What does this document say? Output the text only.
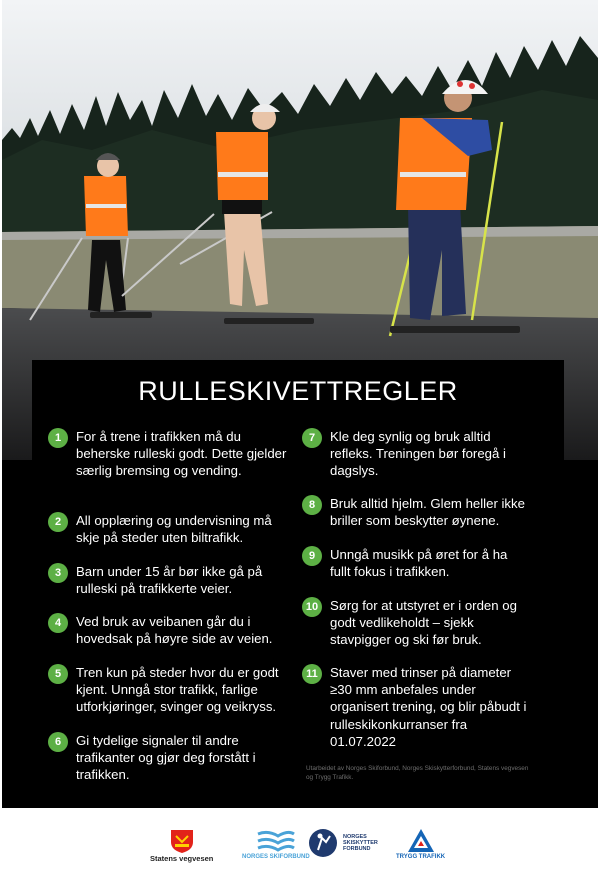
RULLESKIVETTREGLER
1	For å trene i trafikken må du beherske rulleski godt. Dette gjelder særlig bremsing og vending.
2	All opplæring og undervisning må skje på steder uten biltrafikk.
3	Barn under 15 år bør ikke gå på rulleski på trafikkerte veier.
4	Ved bruk av veibanen går du i hovedsak på høyre side av veien.
5	Tren kun på steder hvor du er godt kjent. Unngå stor trafikk, farlige utforkjøringer, svinger og veikryss.
6	Gi tydelige signaler til andre trafikanter og gjør deg forstått i trafikken.
7	Kle deg synlig og bruk alltid refleks. Treningen bør foregå i dagslys.
8	Bruk alltid hjelm. Glem heller ikke briller som beskytter øynene.
9	Unngå musikk på øret for å ha fullt fokus i trafikken.
10 Sørg for at utstyret er i orden og godt vedlikeholdt – sjekk stavpigger og ski før bruk.
11 Staver med trinser på diameter ≥30 mm anbefales under organisert trening, og blir påbudt i rulleskikonkurranser fra 01.07.2022
Utarbeidet av Norges Skiforbund, Norges Skiskytterforbund, Statens vegvesen og Trygg Trafikk.
Statens vegvesen	NORGES SKIFORBUND
NORGES
SKISKYTTER
FORBUND
TRYGG TRAFIKK
